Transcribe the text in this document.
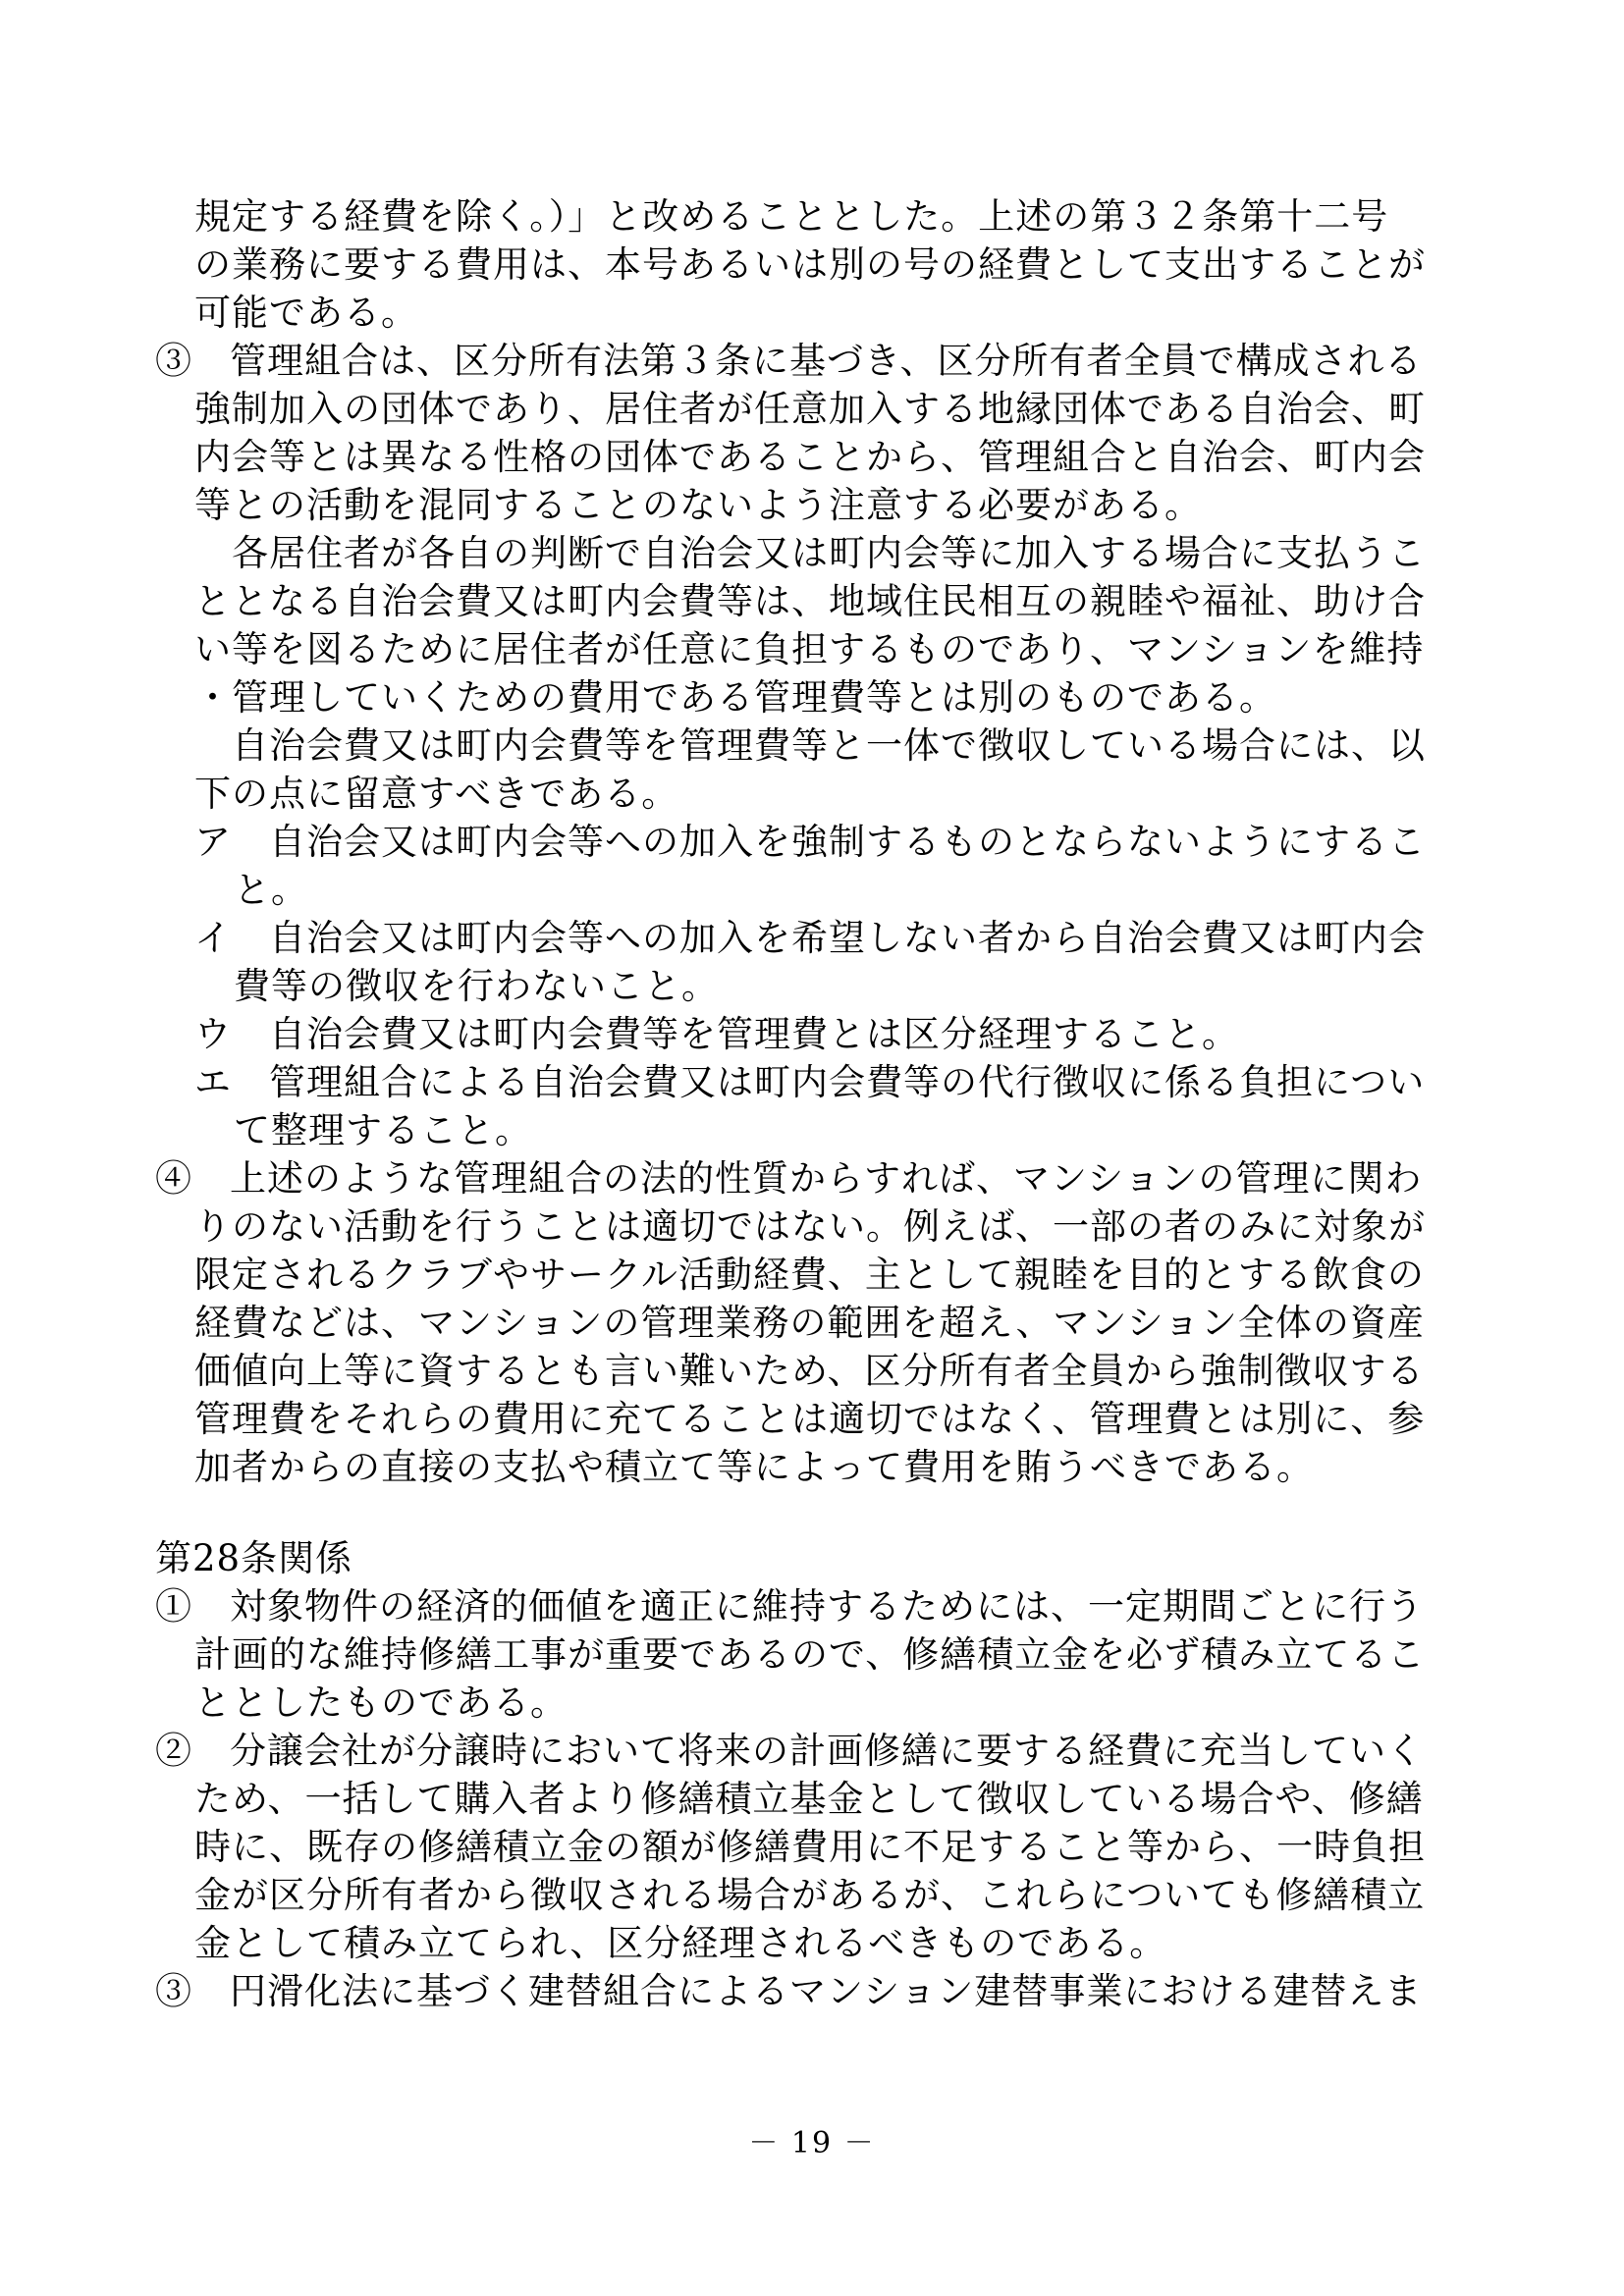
規定する経費を除く。）」と改めることとした。上述の第３２条第十二号
の業務に要する費用は、本号あるいは別の号の経費として支出することが
可能である。
③　管理組合は、区分所有法第３条に基づき、区分所有者全員で構成される
強制加入の団体であり、居住者が任意加入する地縁団体である自治会、町
内会等とは異なる性格の団体であることから、管理組合と自治会、町内会
等との活動を混同することのないよう注意する必要がある。
　各居住者が各自の判断で自治会又は町内会等に加入する場合に支払うこ
ととなる自治会費又は町内会費等は、地域住民相互の親睦や福祉、助け合
い等を図るために居住者が任意に負担するものであり、マンションを維持
・管理していくための費用である管理費等とは別のものである。
　自治会費又は町内会費等を管理費等と一体で徴収している場合には、以
下の点に留意すべきである。
ア　自治会又は町内会等への加入を強制するものとならないようにするこ
と。
イ　自治会又は町内会等への加入を希望しない者から自治会費又は町内会
費等の徴収を行わないこと。
ウ　自治会費又は町内会費等を管理費とは区分経理すること。
エ　管理組合による自治会費又は町内会費等の代行徴収に係る負担につい
て整理すること。
④　上述のような管理組合の法的性質からすれば、マンションの管理に関わ
りのない活動を行うことは適切ではない。例えば、一部の者のみに対象が
限定されるクラブやサークル活動経費、主として親睦を目的とする飲食の
経費などは、マンションの管理業務の範囲を超え、マンション全体の資産
価値向上等に資するとも言い難いため、区分所有者全員から強制徴収する
管理費をそれらの費用に充てることは適切ではなく、管理費とは別に、参
加者からの直接の支払や積立て等によって費用を賄うべきである。
第28条関係
①　対象物件の経済的価値を適正に維持するためには、一定期間ごとに行う
計画的な維持修繕工事が重要であるので、修繕積立金を必ず積み立てるこ
ととしたものである。
②　分譲会社が分譲時において将来の計画修繕に要する経費に充当していく
ため、一括して購入者より修繕積立基金として徴収している場合や、修繕
時に、既存の修繕積立金の額が修繕費用に不足すること等から、一時負担
金が区分所有者から徴収される場合があるが、これらについても修繕積立
金として積み立てられ、区分経理されるべきものである。
③　円滑化法に基づく建替組合によるマンション建替事業における建替えま
－ 19 －
